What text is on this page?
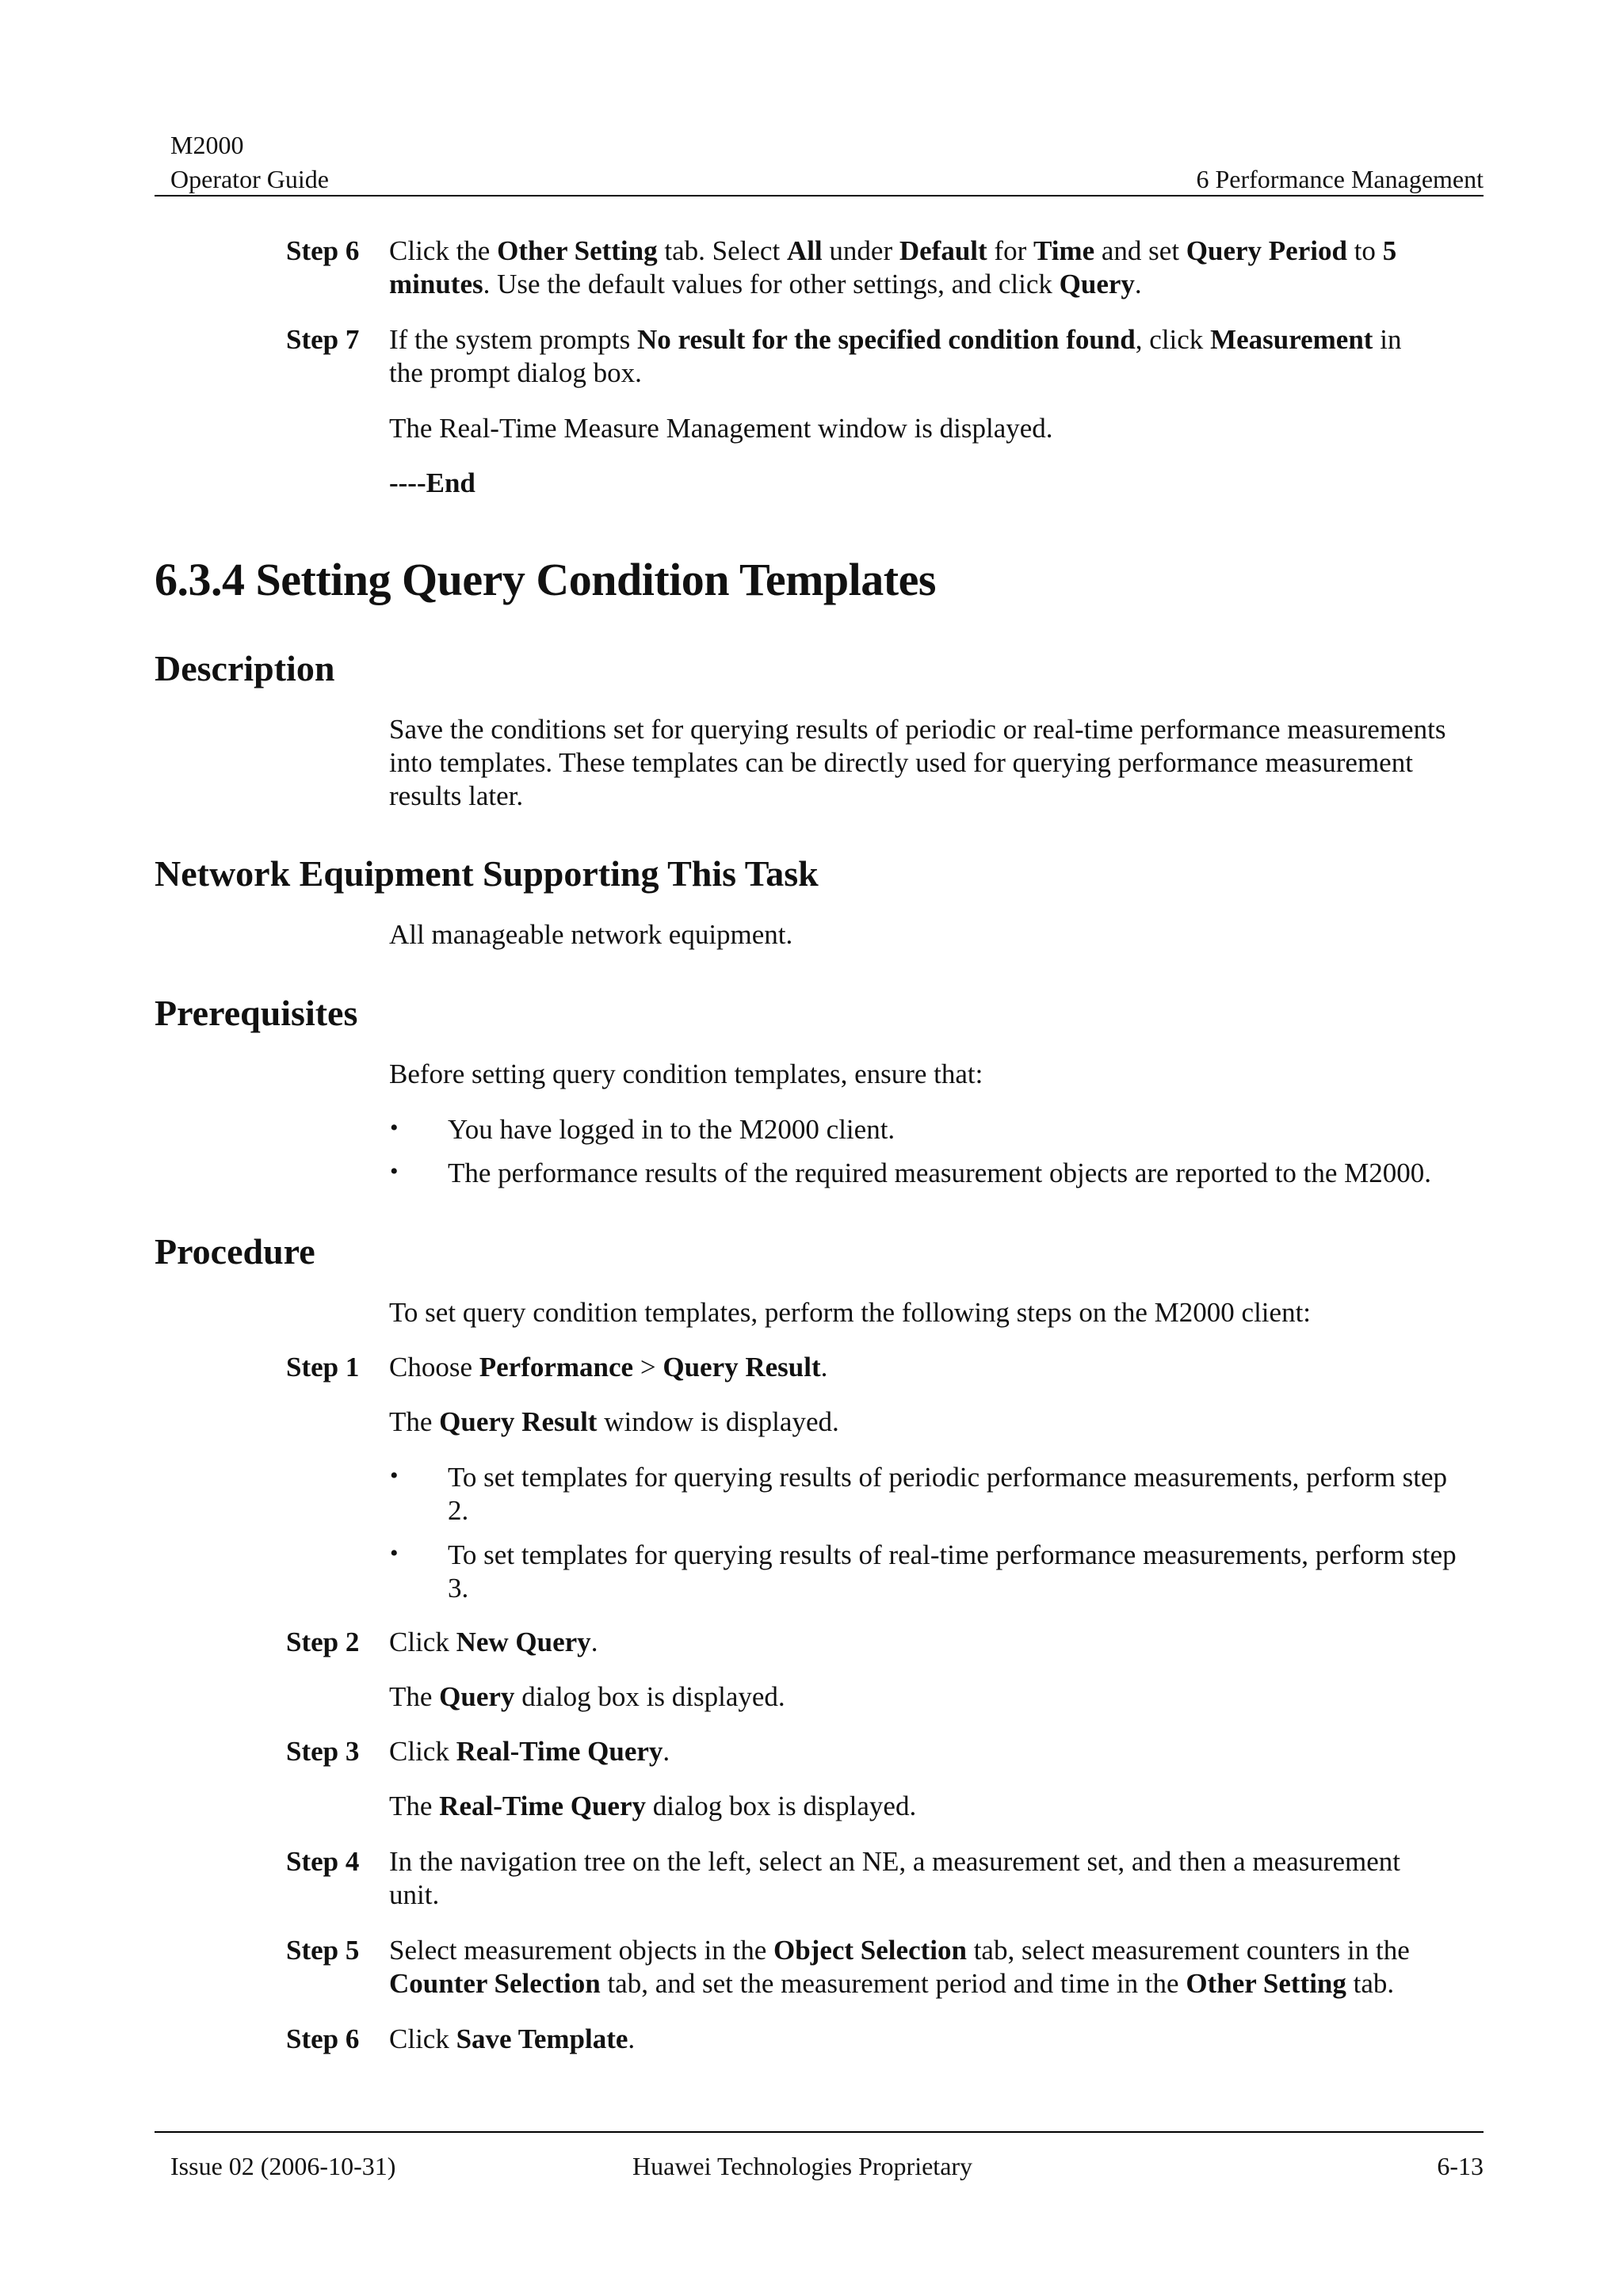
M2000
Operator Guide	6 Performance Management
Step 6 Click the Other Setting tab. Select All under Default for Time and set Query Period to 5
minutes. Use the default values for other settings, and click Query.
Step 7 If the system prompts No result for the specified condition found, click Measurement in
the prompt dialog box.
The Real-Time Measure Management window is displayed.
----End
6.3.4 Setting Query Condition Templates
Description
Save the conditions set for querying results of periodic or real-time performance measurements into templates. These templates can be directly used for querying performance measurement results later.
Network Equipment Supporting This Task
All manageable network equipment.
Prerequisites
Before setting query condition templates, ensure that:
• You have logged in to the M2000 client.
• The performance results of the required measurement objects are reported to the M2000.
Procedure
To set query condition templates, perform the following steps on the M2000 client:
Step 1 Choose Performance > Query Result.
The Query Result window is displayed.
• To set templates for querying results of periodic performance measurements, perform step 2.
• To set templates for querying results of real-time performance measurements, perform step 3.
Step 2 Click New Query.
The Query dialog box is displayed.
Step 3 Click Real-Time Query.
The Real-Time Query dialog box is displayed.
Step 4 In the navigation tree on the left, select an NE, a measurement set, and then a measurement unit.
Step 5 Select measurement objects in the Object Selection tab, select measurement counters in the
Counter Selection tab, and set the measurement period and time in the Other Setting tab.
Step 6 Click Save Template.
Issue 02 (2006-10-31)	Huawei Technologies Proprietary	6-13
